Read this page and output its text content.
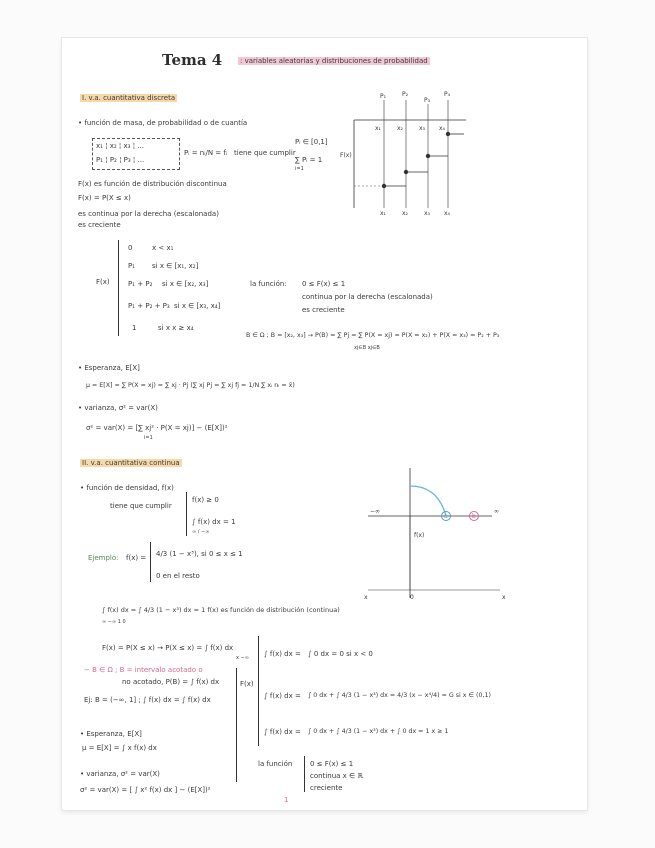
Tema 4	: variables aleatorias y distribuciones de probabilidad
I. v.a. cuantitativa discreta
• función de masa, de probabilidad o de cuantía
x₁ ¦ x₂ ¦ x₃ ¦ ...
P₁ ¦ P₂ ¦ P₃ ¦ ...
Pᵢ = nᵢ/N = fᵢ tiene que cumplir
Pᵢ ∈ [0,1]
∑ Pᵢ = 1
i=1
F(x) es función de distribución discontinua
F(x) = P(X ≤ x)
es continua por la derecha (escalonada)
es creciente
P₁	P₂
P₃
P₄
x₁	x₂	x₃ x₄
F(x)
x₁	x₂	x₃ x₄
F(x)
0	x < x₁
P₁ si x ∈ [x₁, x₂]
P₁ + P₂ si x ∈ [x₂, x₃]
P₁ + P₂ + P₃ si x ∈ [x₃, x₄]
1	si x x ≥ x₄
la función: 0 ≤ F(x) ≤ 1
continua por la derecha (escalonada)
es creciente
B ∈ Ω ; B = [x₂, x₃] → P(B) = ∑ Pj = ∑ P(X = xj) = P(X = x₂) + P(X = x₃) = P₂ + P₃
xj∈B xj∈B
• Esperanza, E[X]
μ = E[X] = ∑ P(X = xj) = ∑ xj · Pj (∑ xj Pj = ∑ xj fj = 1/N ∑ xᵢ nᵢ = x̄)
• varianza, σ² = var(X)
σ² = var(X) = [∑ xj² · P(X = xj)] − (E[X])²
i=1
II. v.a. cuantitativa continua
• función de densidad, f(x)
tiene que cumplir
f(x) ≥ 0
∫ f(x) dx = 1
∞ / −∞
Ejemplo: f(x) = 4/3 (1 − x³), si 0 ≤ x ≤ 1
0 en el resto
∫ f(x) dx = ∫ 4/3 (1 − x³) dx = 1 f(x) es función de distribución (continua)
∞ −∞ 1 0
F(x) = P(X ≤ x) → P(X ≤ x) = ∫ f(x) dx
x −∞
− B ∈ Ω ; B = intervalo acotado o
no acotado, P(B) = ∫ f(x) dx
Ej: B = (−∞, 1] ; ∫ f(x) dx = ∫ f(x) dx
• Esperanza, E[X]
μ = E[X] = ∫ x f(x) dx
• varianza, σ² = var(X)
σ² = var(X) = [ ∫ x² f(x) dx ] − (E[X])²
F(x)
∫ f(x) dx = ∫ 0 dx = 0 si x < 0
∫ f(x) dx = ∫ 0 dx + ∫ 4/3 (1 − x³) dx = 4/3 (x − x⁴/4) = G si x ∈ (0,1)
∫ f(x) dx = ∫ 0 dx + ∫ 4/3 (1 − x³) dx + ∫ 0 dx = 1 x ≥ 1
la función	0 ≤ F(x) ≤ 1
continua x ∈ ℝ
creciente
−∞	∞
a	b
f(x)
x	0	x
1
